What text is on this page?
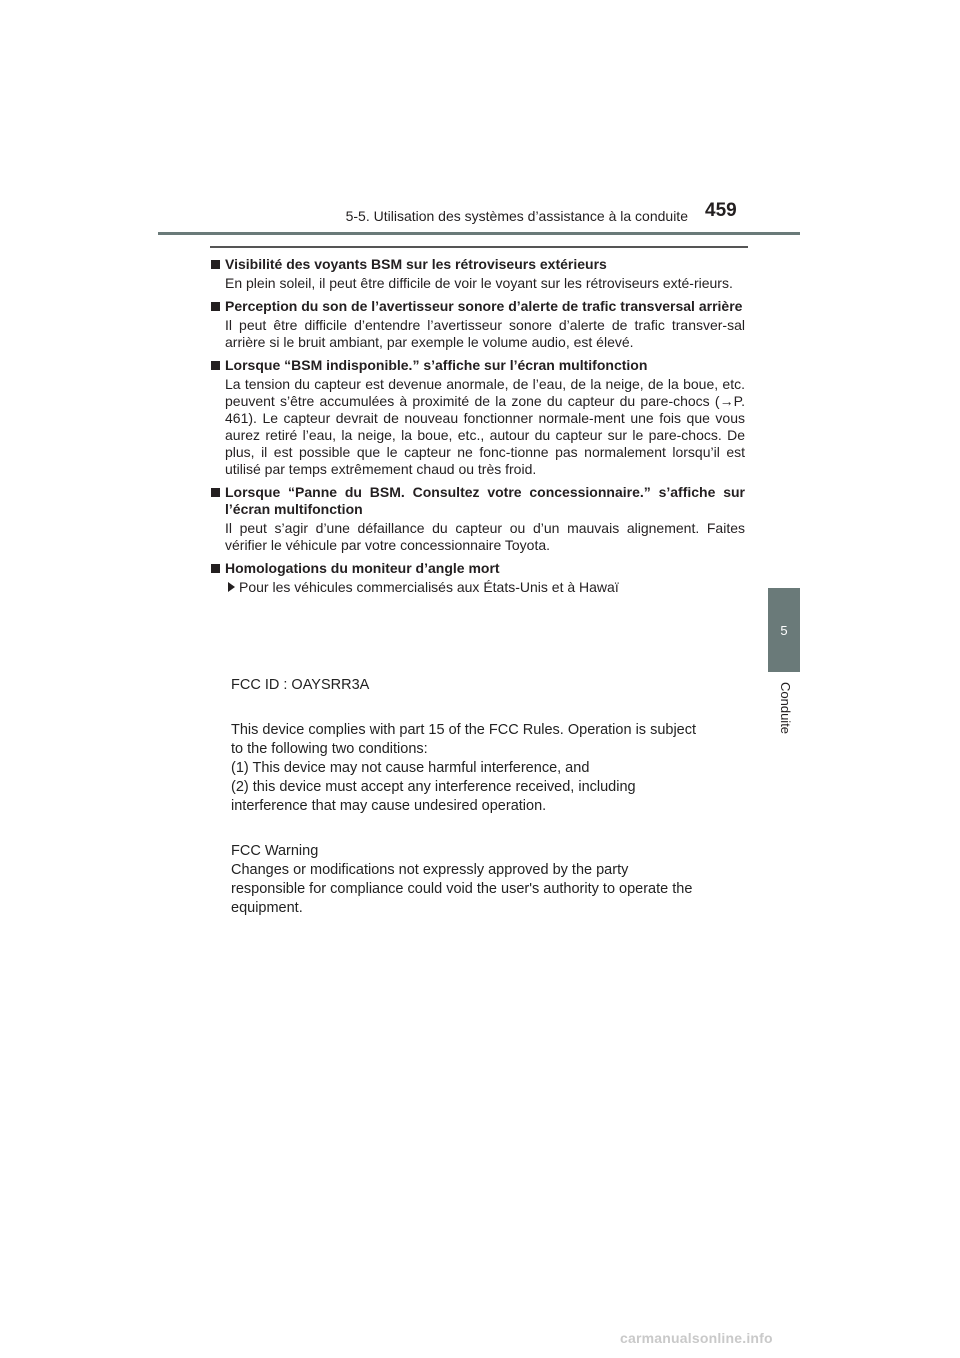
5-5. Utilisation des systèmes d’assistance à la conduite 459
5
Conduite
Visibilité des voyants BSM sur les rétroviseurs extérieurs
En plein soleil, il peut être difficile de voir le voyant sur les rétroviseurs exté-rieurs.
Perception du son de l’avertisseur sonore d’alerte de trafic transversal arrière
Il peut être difficile d’entendre l’avertisseur sonore d’alerte de trafic transver-sal arrière si le bruit ambiant, par exemple le volume audio, est élevé.
Lorsque “BSM indisponible.” s’affiche sur l’écran multifonction
La tension du capteur est devenue anormale, de l’eau, de la neige, de la boue, etc. peuvent s’être accumulées à proximité de la zone du capteur du pare-chocs (→P. 461). Le capteur devrait de nouveau fonctionner normale-ment une fois que vous aurez retiré l’eau, la neige, la boue, etc., autour du capteur sur le pare-chocs. De plus, il est possible que le capteur ne fonc-tionne pas normalement lorsqu’il est utilisé par temps extrêmement chaud ou très froid.
Lorsque “Panne du BSM. Consultez votre concessionnaire.” s’affiche sur l’écran multifonction
Il peut s’agir d’une défaillance du capteur ou d’un mauvais alignement. Faites vérifier le véhicule par votre concessionnaire Toyota.
Homologations du moniteur d’angle mort
Pour les véhicules commercialisés aux États-Unis et à Hawaï

FCC ID : OAYSRR3A

This device complies with part 15 of the FCC Rules. Operation is subject

to the following two conditions:

(1) This device may not cause harmful interference, and

(2) this device must accept any interference received, including

interference that may cause undesired operation.

FCC Warning

Changes or modifications not expressly approved by the party

responsible for compliance could void the user's authority to operate the

equipment.

carmanualsonline.info
